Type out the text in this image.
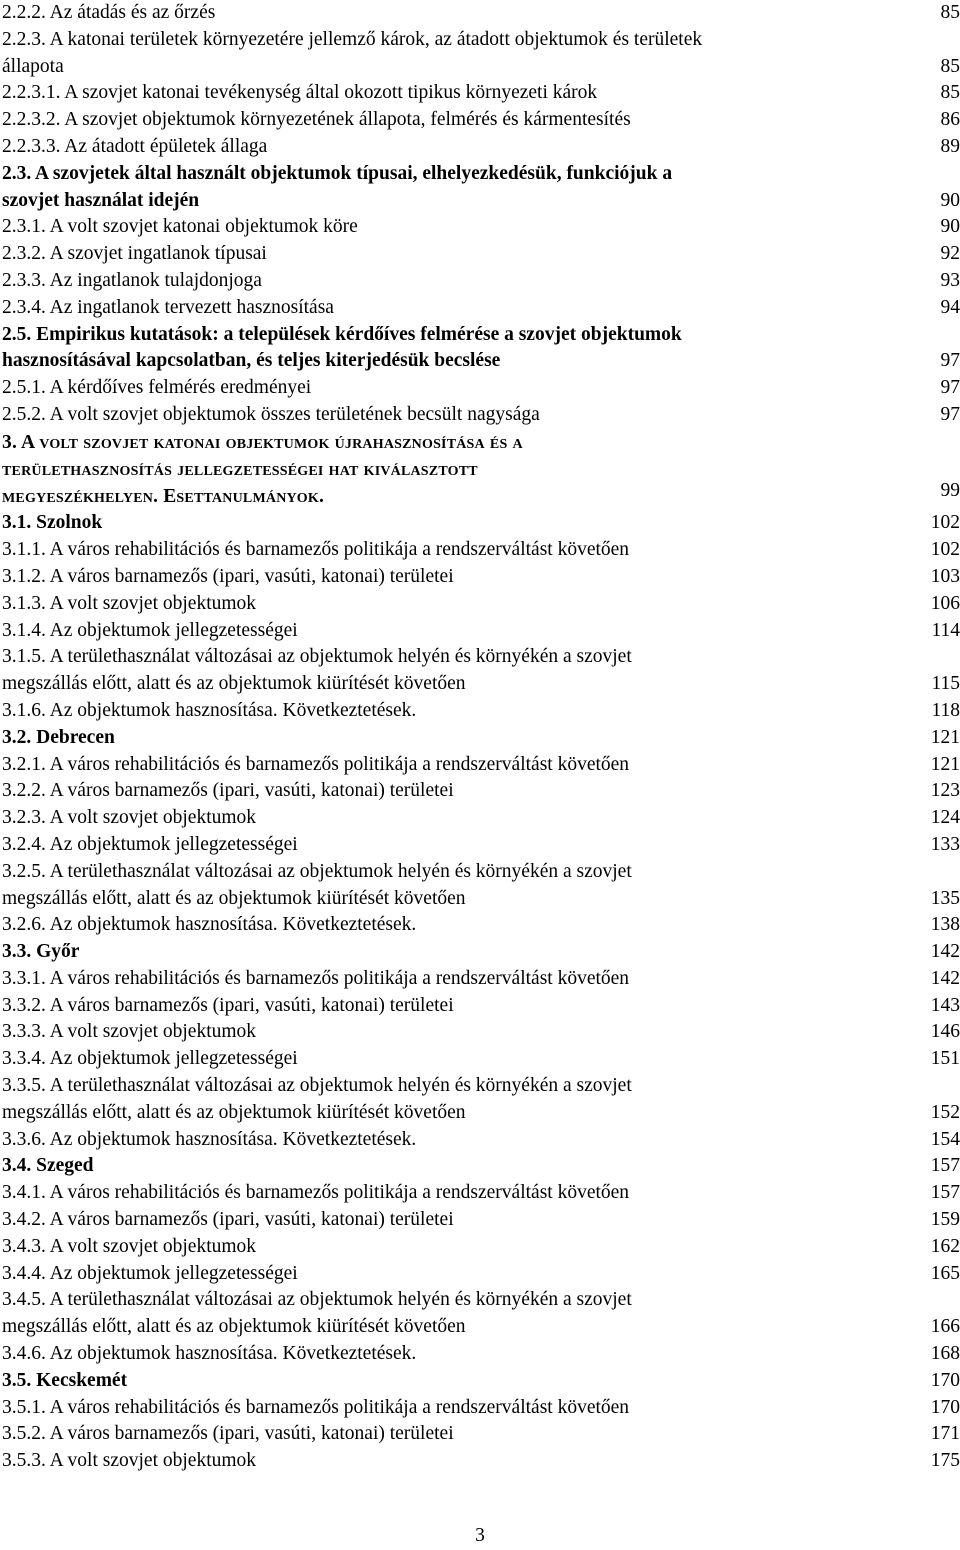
2.2.2. Az átadás és az őrzés	85
2.2.3. A katonai területek környezetére jellemző károk, az átadott objektumok és területek
állapota	85
2.2.3.1. A szovjet katonai tevékenység által okozott tipikus környezeti károk	85
2.2.3.2. A szovjet objektumok környezetének állapota, felmérés és kármentesítés	86
2.2.3.3. Az átadott épületek állaga	89
2.3. A szovjetek által használt objektumok típusai, elhelyezkedésük, funkciójuk a
szovjet használat idején	90
2.3.1. A volt szovjet katonai objektumok köre	90
2.3.2. A szovjet ingatlanok típusai	92
2.3.3. Az ingatlanok tulajdonjoga	93
2.3.4. Az ingatlanok tervezett hasznosítása	94
2.5. Empirikus kutatások: a települések kérdőíves felmérése a szovjet objektumok
hasznosításával kapcsolatban, és teljes kiterjedésük becslése	97
2.5.1. A kérdőíves felmérés eredményei	97
2.5.2. A volt szovjet objektumok összes területének becsült nagysága	97
3. A volt szovjet katonai objektumok újrahasznosítása és a
területhasznosítás jellegzetességei hat kiválasztott
megyeszékhelyen. Esettanulmányok.	99
3.1. Szolnok	102
3.1.1. A város rehabilitációs és barnamezős politikája a rendszerváltást követően	102
3.1.2. A város barnamezős (ipari, vasúti, katonai) területei	103
3.1.3. A volt szovjet objektumok	106
3.1.4. Az objektumok jellegzetességei	114
3.1.5. A területhasználat változásai az objektumok helyén és környékén a szovjet
megszállás előtt, alatt és az objektumok kiürítését követően	115
3.1.6. Az objektumok hasznosítása. Következtetések.	118
3.2. Debrecen	121
3.2.1. A város rehabilitációs és barnamezős politikája a rendszerváltást követően	121
3.2.2. A város barnamezős (ipari, vasúti, katonai) területei	123
3.2.3. A volt szovjet objektumok	124
3.2.4. Az objektumok jellegzetességei	133
3.2.5. A területhasználat változásai az objektumok helyén és környékén a szovjet
megszállás előtt, alatt és az objektumok kiürítését követően	135
3.2.6. Az objektumok hasznosítása. Következtetések.	138
3.3. Győr	142
3.3.1. A város rehabilitációs és barnamezős politikája a rendszerváltást követően	142
3.3.2. A város barnamezős (ipari, vasúti, katonai) területei	143
3.3.3. A volt szovjet objektumok	146
3.3.4. Az objektumok jellegzetességei	151
3.3.5. A területhasználat változásai az objektumok helyén és környékén a szovjet
megszállás előtt, alatt és az objektumok kiürítését követően	152
3.3.6. Az objektumok hasznosítása. Következtetések.	154
3.4. Szeged	157
3.4.1. A város rehabilitációs és barnamezős politikája a rendszerváltást követően	157
3.4.2. A város barnamezős (ipari, vasúti, katonai) területei	159
3.4.3. A volt szovjet objektumok	162
3.4.4. Az objektumok jellegzetességei	165
3.4.5. A területhasználat változásai az objektumok helyén és környékén a szovjet
megszállás előtt, alatt és az objektumok kiürítését követően	166
3.4.6. Az objektumok hasznosítása. Következtetések.	168
3.5. Kecskemét	170
3.5.1. A város rehabilitációs és barnamezős politikája a rendszerváltást követően	170
3.5.2. A város barnamezős (ipari, vasúti, katonai) területei	171
3.5.3. A volt szovjet objektumok	175
3
